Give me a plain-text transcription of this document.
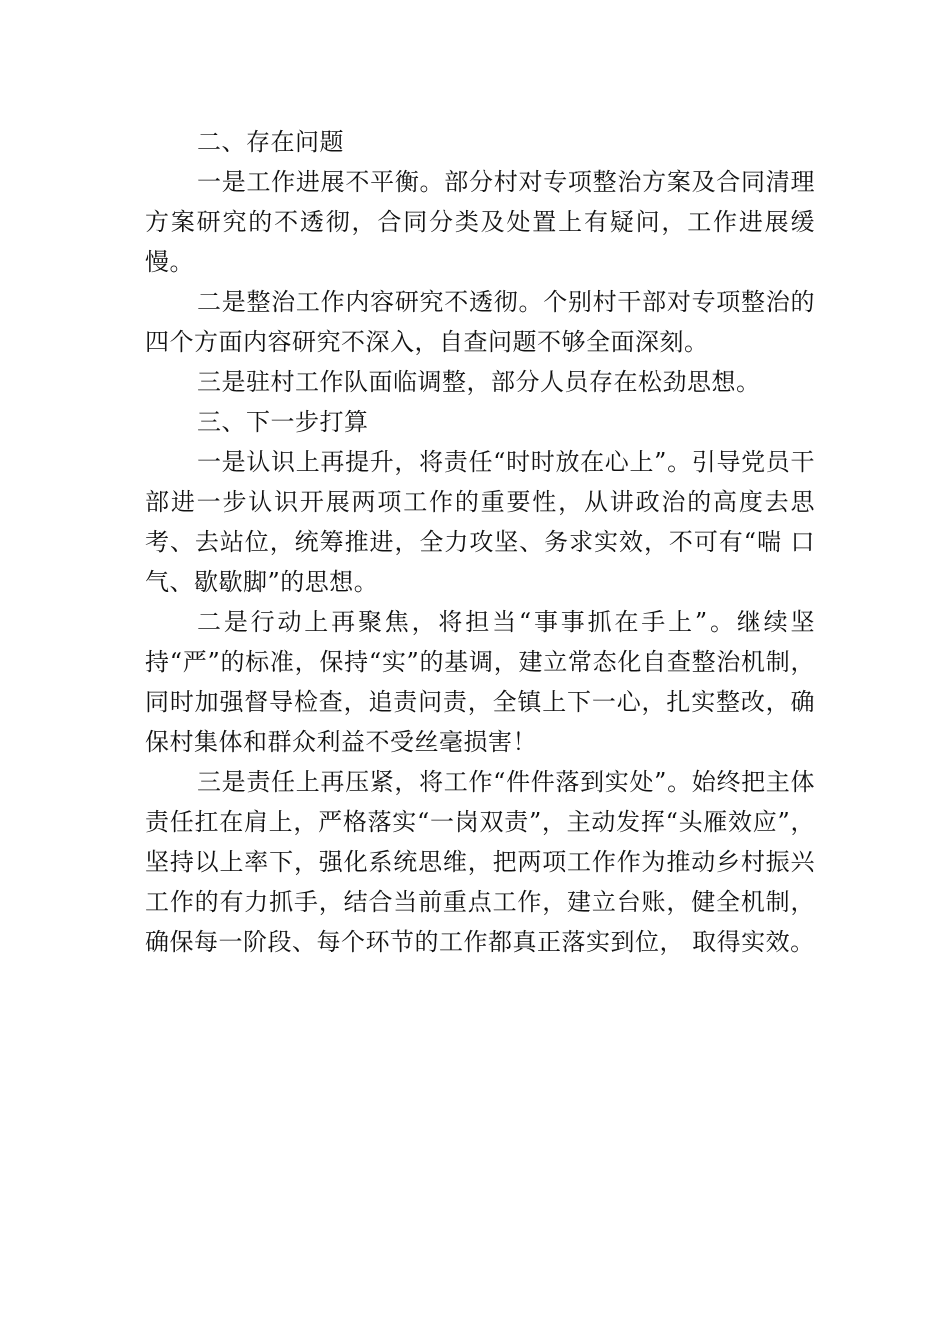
二、存在问题

一是工作进展不平衡。部分村对专项整治方案及合同清理方案研究的不透彻，合同分类及处置上有疑问，工作进展缓慢。

二是整治工作内容研究不透彻。个别村干部对专项整治的四个方面内容研究不深入，自查问题不够全面深刻。

三是驻村工作队面临调整，部分人员存在松劲思想。

三、下一步打算

一是认识上再提升，将责任“时时放在心上”。引导党员干部进一步认识开展两项工作的重要性，从讲政治的高度去思考、去站位，统筹推进，全力攻坚、务求实效，不可有“喘 口气、歇歇脚”的思想。

二是行动上再聚焦，将担当“事事抓在手上”。继续坚持“严”的标准，保持“实”的基调，建立常态化自查整治机制，同时加强督导检查，追责问责，全镇上下一心，扎实整改，确保村集体和群众利益不受丝毫损害！

三是责任上再压紧，将工作“件件落到实处”。始终把主体责任扛在肩上，严格落实“一岗双责”，主动发挥“头雁效应”，坚持以上率下，强化系统思维，把两项工作作为推动乡村振兴工作的有力抓手，结合当前重点工作，建立台账，健全机制，确保每一阶段、每个环节的工作都真正落实到位， 取得实效。
